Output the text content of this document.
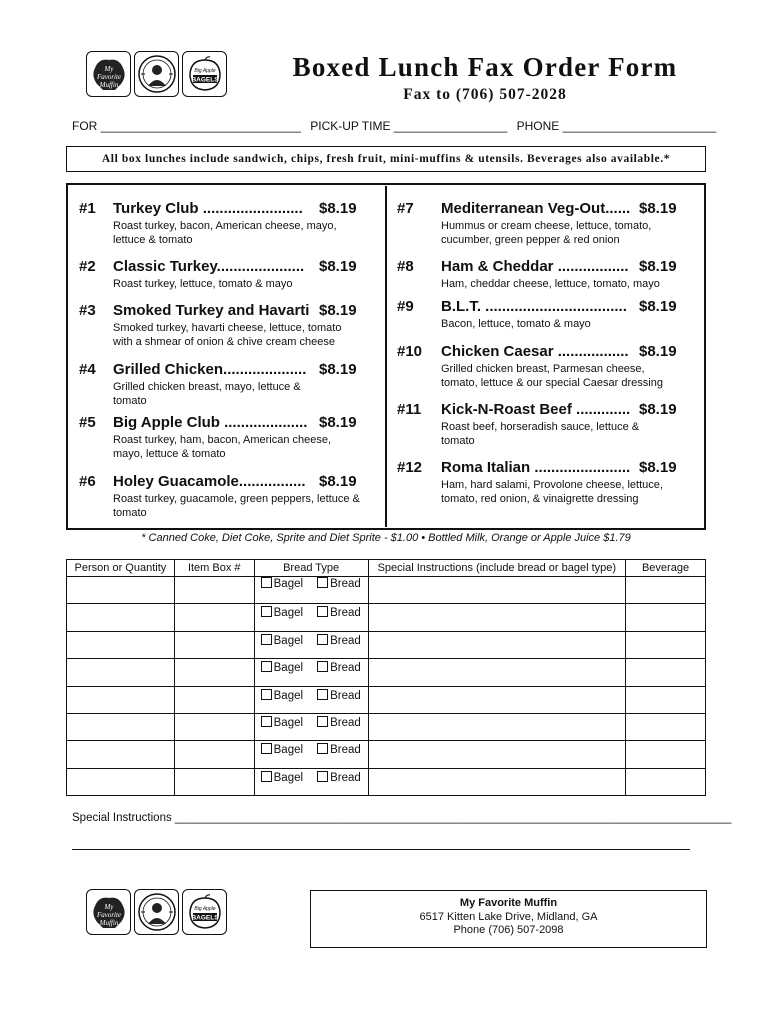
My
Favorite
Muffin
Big Apple
BAGELS	Boxed Lunch Fax Order Form
Fax to (706) 507-2028
FOR ______________________________ PICK-UP TIME _________________ PHONE _______________________
All box lunches include sandwich, chips, fresh fruit, mini-muffins & utensils. Beverages also available.*
#1 Turkey Club ........................ $8.19
Roast turkey, bacon, American cheese, mayo, lettuce & tomato
#2 Classic Turkey..................... $8.19
Roast turkey, lettuce, tomato & mayo
#3 Smoked Turkey and Havarti $8.19
Smoked turkey, havarti cheese, lettuce, tomato with a shmear of onion & chive cream cheese
#4 Grilled Chicken.................... $8.19
Grilled chicken breast, mayo, lettuce & tomato
#5 Big Apple Club .................... $8.19
Roast turkey, ham, bacon, American cheese, mayo, lettuce & tomato
#6 Holey Guacamole................ $8.19
Roast turkey, guacamole, green peppers, lettuce & tomato
#7 Mediterranean Veg-Out...... $8.19
Hummus or cream cheese, lettuce, tomato, cucumber, green pepper & red onion
#8 Ham & Cheddar ................. $8.19
Ham, cheddar cheese, lettuce, tomato, mayo
#9 B.L.T. .................................. $8.19
Bacon, lettuce, tomato & mayo
#10 Chicken Caesar ................. $8.19
Grilled chicken breast, Parmesan cheese, tomato, lettuce & our special Caesar dressing
#11 Kick-N-Roast Beef ............. $8.19
Roast beef, horseradish sauce, lettuce & tomato
#12 Roma Italian ....................... $8.19
Ham, hard salami, Provolone cheese, lettuce, tomato, red onion, & vinaigrette dressing
* Canned Coke, Diet Coke, Sprite and Diet Sprite - $1.00 • Bottled Milk, Orange or Apple Juice $1.79
Person or Quantity	Item Box #	Bread Type	Special Instructions (include bread or bagel type)	Beverage
		Bagel Bread		
		Bagel Bread		
		Bagel Bread		
		Bagel Bread		
		Bagel Bread		
		Bagel Bread		
		Bagel Bread		
		Bagel Bread		
Special Instructions _______________________________________________________________________________________
My
Favorite
Muffin
Big Apple
BAGELS
My Favorite Muffin
6517 Kitten Lake Drive, Midland, GA
Phone (706) 507-2098
